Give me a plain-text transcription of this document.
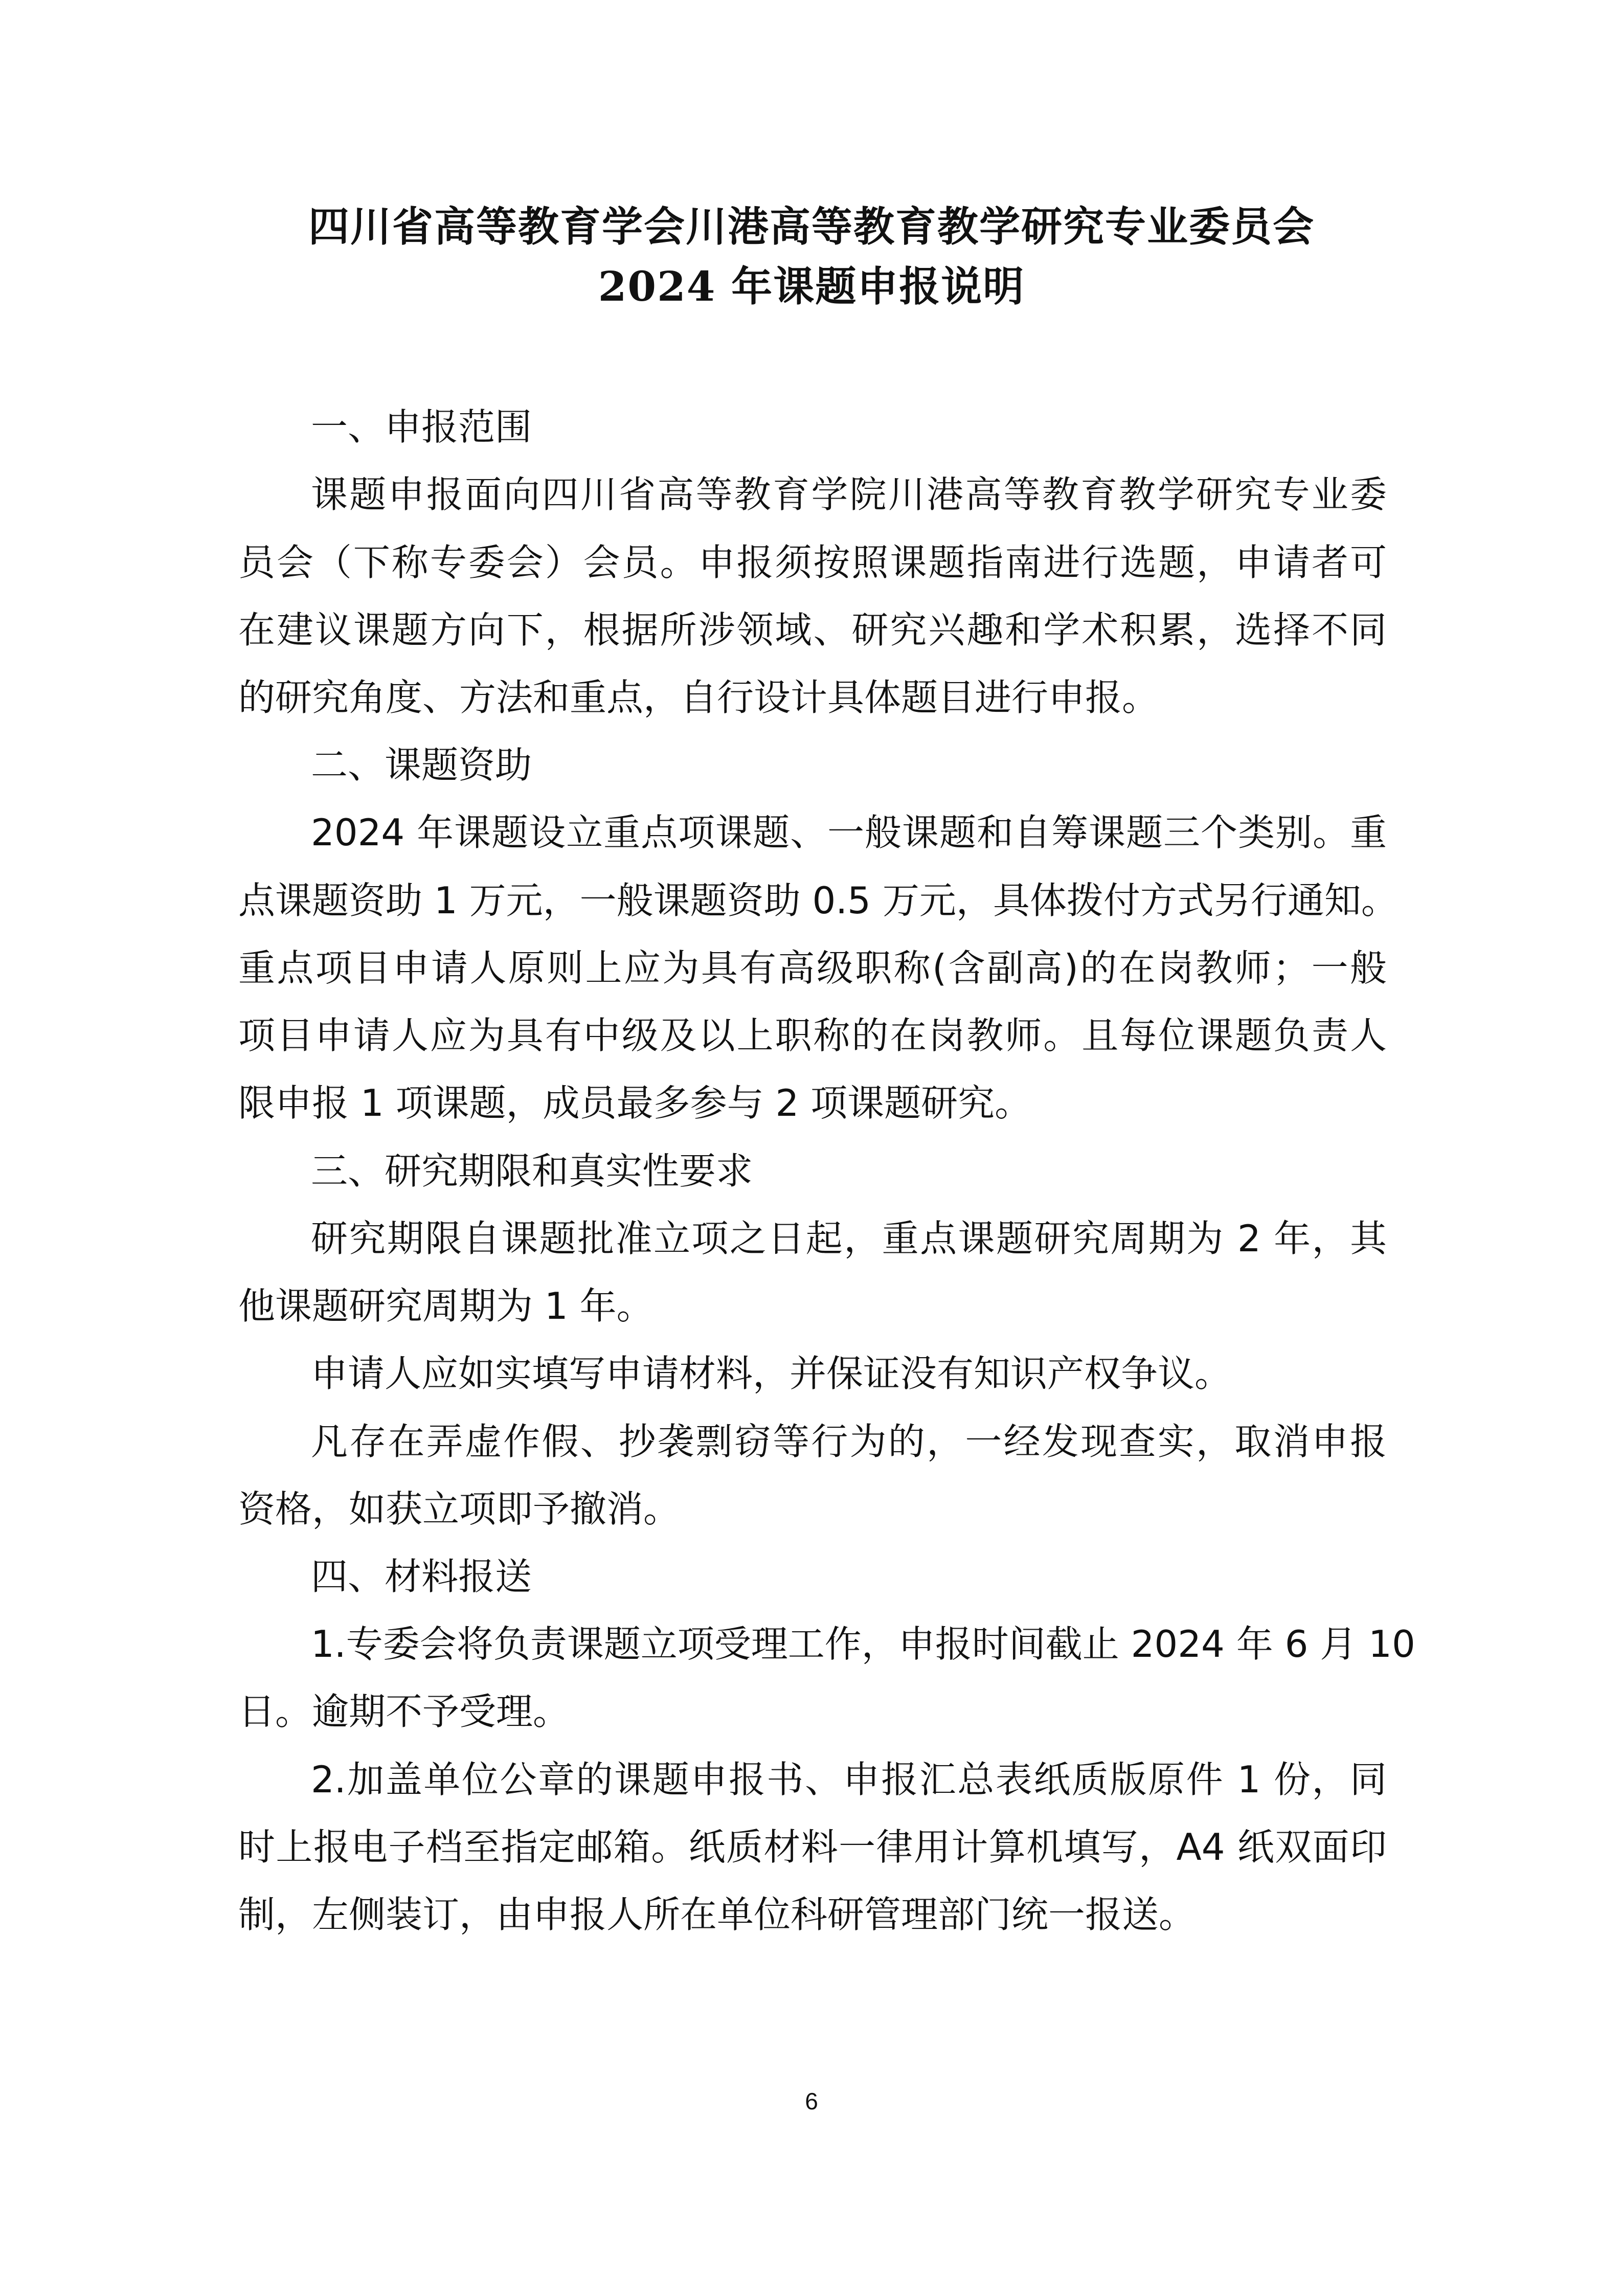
四川省高等教育学会川港高等教育教学研究专业委员会
2024 年课题申报说明
一、申报范围
课题申报面向四川省高等教育学院川港高等教育教学研究专业委
员会（下称专委会）会员。申报须按照课题指南进行选题，申请者可
在建议课题方向下，根据所涉领域、研究兴趣和学术积累，选择不同
的研究角度、方法和重点，自行设计具体题目进行申报。
二、课题资助
2024 年课题设立重点项课题、一般课题和自筹课题三个类别。重
点课题资助 1 万元，一般课题资助 0.5 万元，具体拨付方式另行通知。
重点项目申请人原则上应为具有高级职称(含副高)的在岗教师；一般
项目申请人应为具有中级及以上职称的在岗教师。且每位课题负责人
限申报 1 项课题，成员最多参与 2 项课题研究。
三、研究期限和真实性要求
研究期限自课题批准立项之日起，重点课题研究周期为 2 年，其
他课题研究周期为 1 年。
申请人应如实填写申请材料，并保证没有知识产权争议。
凡存在弄虚作假、抄袭剽窃等行为的，一经发现查实，取消申报
资格，如获立项即予撤消。
四、材料报送
1.专委会将负责课题立项受理工作，申报时间截止 2024 年 6 月 10
日。逾期不予受理。
2.加盖单位公章的课题申报书、申报汇总表纸质版原件 1 份，同
时上报电子档至指定邮箱。纸质材料一律用计算机填写，A4 纸双面印
制，左侧装订，由申报人所在单位科研管理部门统一报送。
6
